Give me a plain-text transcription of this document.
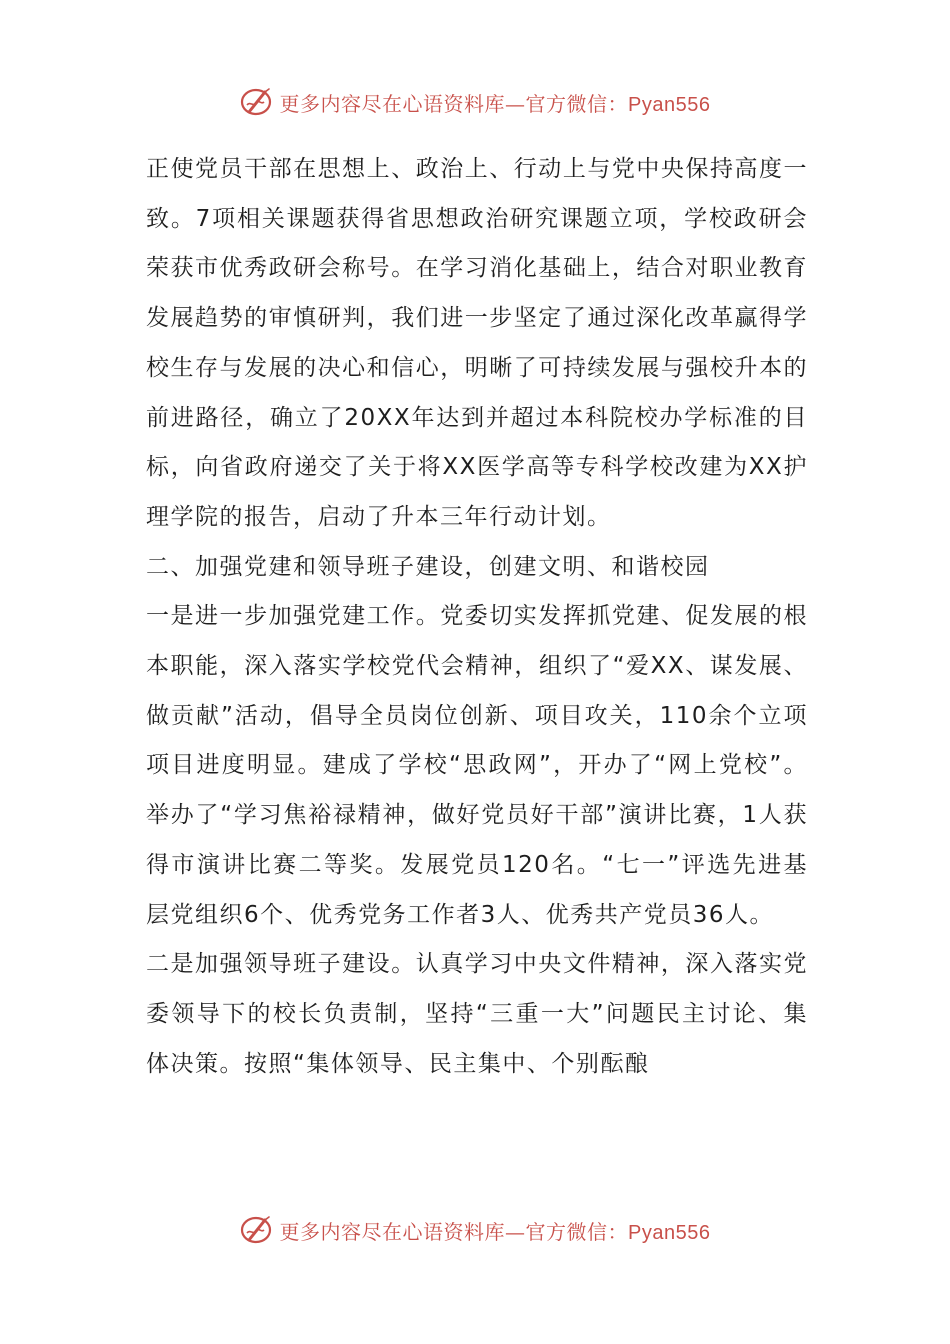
更多内容尽在心语资料库—官方微信：Pyan556

正使党员干部在思想上、政治上、行动上与党中央保持高度一致。7项相关课题获得省思想政治研究课题立项，学校政研会荣获市优秀政研会称号。在学习消化基础上，结合对职业教育发展趋势的审慎研判，我们进一步坚定了通过深化改革赢得学校生存与发展的决心和信心，明晰了可持续发展与强校升本的前进路径，确立了20XX年达到并超过本科院校办学标准的目标，向省政府递交了关于将XX医学高等专科学校改建为XX护理学院的报告，启动了升本三年行动计划。

二、加强党建和领导班子建设，创建文明、和谐校园

一是进一步加强党建工作。党委切实发挥抓党建、促发展的根本职能，深入落实学校党代会精神，组织了“爱XX、谋发展、做贡献”活动，倡导全员岗位创新、项目攻关，110余个立项项目进度明显。建成了学校“思政网”，开办了“网上党校”。举办了“学习焦裕禄精神，做好党员好干部”演讲比赛，1人获得市演讲比赛二等奖。发展党员120名。“七一”评选先进基层党组织6个、优秀党务工作者3人、优秀共产党员36人。

二是加强领导班子建设。认真学习中央文件精神，深入落实党委领导下的校长负责制，坚持“三重一大”问题民主讨论、集体决策。按照“集体领导、民主集中、个别酝酿

更多内容尽在心语资料库—官方微信：Pyan556
